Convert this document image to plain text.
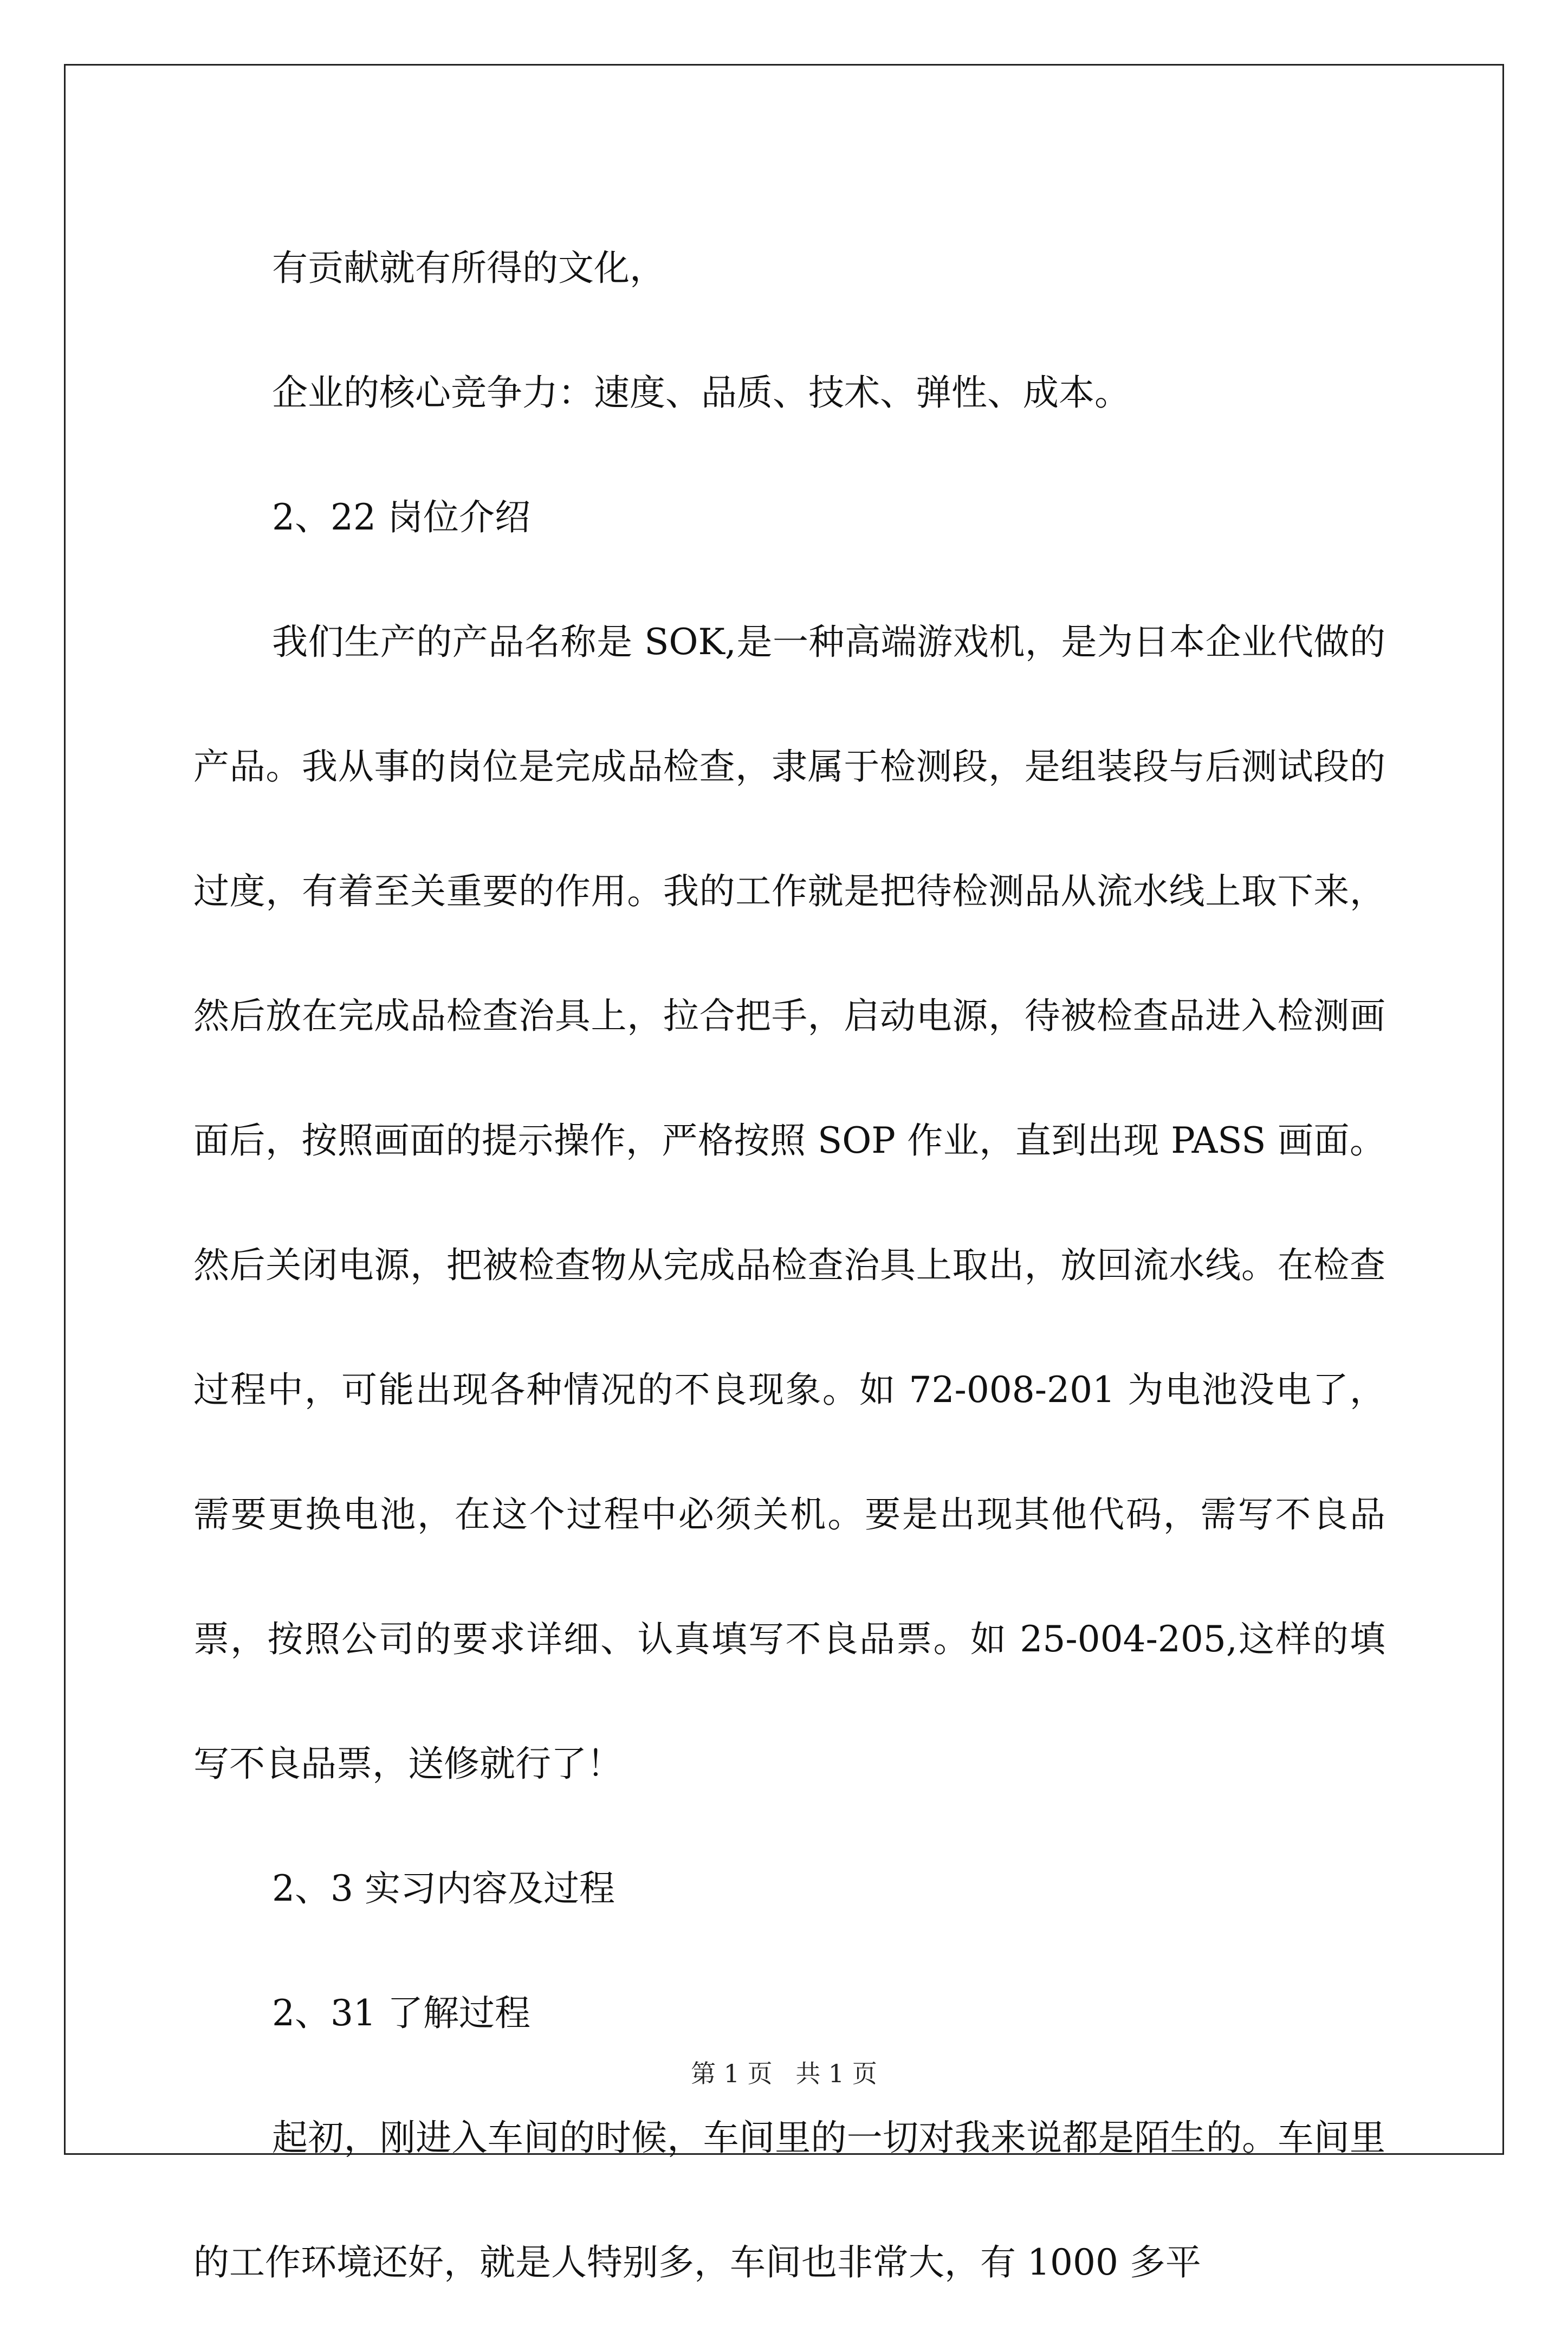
有贡献就有所得的文化，

企业的核心竞争力：速度、品质、技术、弹性、成本。

2、22 岗位介绍

我们生产的产品名称是 SOK,是一种高端游戏机，是为日本企业代做的产品。我从事的岗位是完成品检查，隶属于检测段，是组装段与后测试段的过度，有着至关重要的作用。我的工作就是把待检测品从流水线上取下来，然后放在完成品检查治具上，拉合把手，启动电源，待被检查品进入检测画面后，按照画面的提示操作，严格按照 SOP 作业，直到出现 PASS 画面。然后关闭电源，把被检查物从完成品检查治具上取出，放回流水线。在检查过程中，可能出现各种情况的不良现象。如 72-008-201 为电池没电了，需要更换电池，在这个过程中必须关机。要是出现其他代码，需写不良品票，按照公司的要求详细、认真填写不良品票。如 25-004-205,这样的填写不良品票，送修就行了！

2、3 实习内容及过程

2、31 了解过程

起初，刚进入车间的时候，车间里的一切对我来说都是陌生的。车间里的工作环境还好，就是人特别多，车间也非常大，有 1000 多平

第 1 页 共 1 页
